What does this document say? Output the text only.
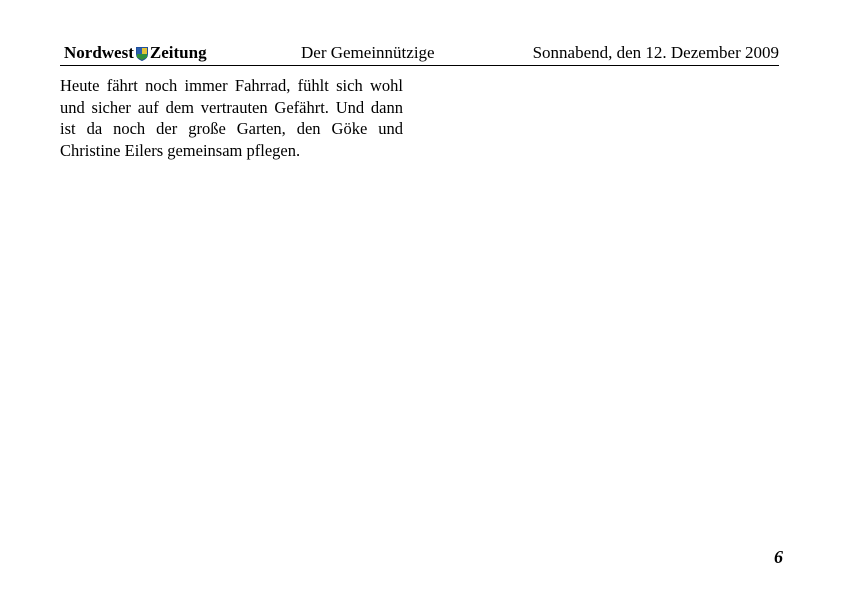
Nordwest Zeitung	Der Gemeinnützige	Sonnabend, den 12. Dezember 2009

Heute fährt noch immer Fahrrad, fühlt sich wohl und sicher auf dem vertrauten Gefährt. Und dann ist da noch der große Garten, den Göke und Christine Eilers gemeinsam pflegen.

6
